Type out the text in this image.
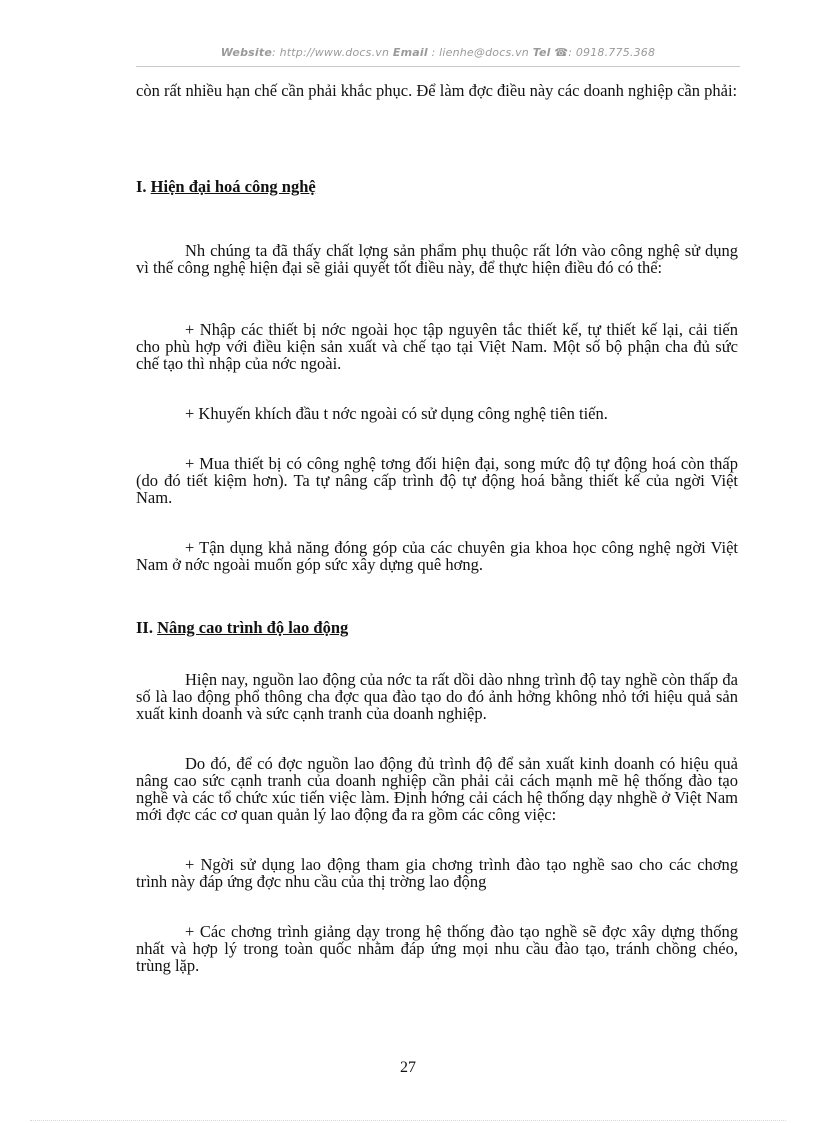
Website: http://www.docs.vn Email : lienhe@docs.vn Tel ☎: 0918.775.368

còn rất nhiều hạn chế cần phải khắc phục. Để làm đợc điều này các doanh nghiệp cần phải:

I. Hiện đại hoá công nghệ

Nh chúng ta đã thấy chất lợng sản phẩm phụ thuộc rất lớn vào công nghệ sử dụng vì thế công nghệ hiện đại sẽ giải quyết tốt điều này, để thực hiện điều đó có thể:

+ Nhập các thiết bị nớc ngoài học tập nguyên tắc thiết kế, tự thiết kế lại, cải tiến cho phù hợp với điều kiện sản xuất và chế tạo tại Việt Nam. Một số bộ phận cha đủ sức chế tạo thì nhập của nớc ngoài.

+ Khuyến khích đầu t nớc ngoài có sử dụng công nghệ tiên tiến.

+ Mua thiết bị có công nghệ tơng đối hiện đại, song mức độ tự động hoá còn thấp (do đó tiết kiệm hơn). Ta tự nâng cấp trình độ tự động hoá bằng thiết kế của ngời Việt Nam.

+ Tận dụng khả năng đóng góp của các chuyên gia khoa học công nghệ ngời Việt Nam ở nớc ngoài muốn góp sức xây dựng quê hơng.

II. Nâng cao trình độ lao động

Hiện nay, nguồn lao động của nớc ta rất dồi dào nhng trình độ tay nghề còn thấp đa số là lao động phổ thông cha đợc qua đào tạo do đó ảnh hởng không nhỏ tới hiệu quả sản xuất kinh doanh và sức cạnh tranh của doanh nghiệp.

Do đó, để có đợc nguồn lao động đủ trình độ để sản xuất kinh doanh có hiệu quả nâng cao sức cạnh tranh của doanh nghiệp cần phải cải cách mạnh mẽ hệ thống đào tạo nghề và các tổ chức xúc tiến việc làm. Định hớng cải cách hệ thống dạy nhghề ở Việt Nam mới đợc các cơ quan quản lý lao động đa ra gồm các công việc:

+ Ngời sử dụng lao động tham gia chơng trình đào tạo nghề sao cho các chơng trình này đáp ứng đợc nhu cầu của thị trờng lao động

+ Các chơng trình giảng dạy trong hệ thống đào tạo nghề sẽ đợc xây dựng thống nhất và hợp lý trong toàn quốc nhằm đáp ứng mọi nhu cầu đào tạo, tránh chồng chéo, trùng lặp.

27
